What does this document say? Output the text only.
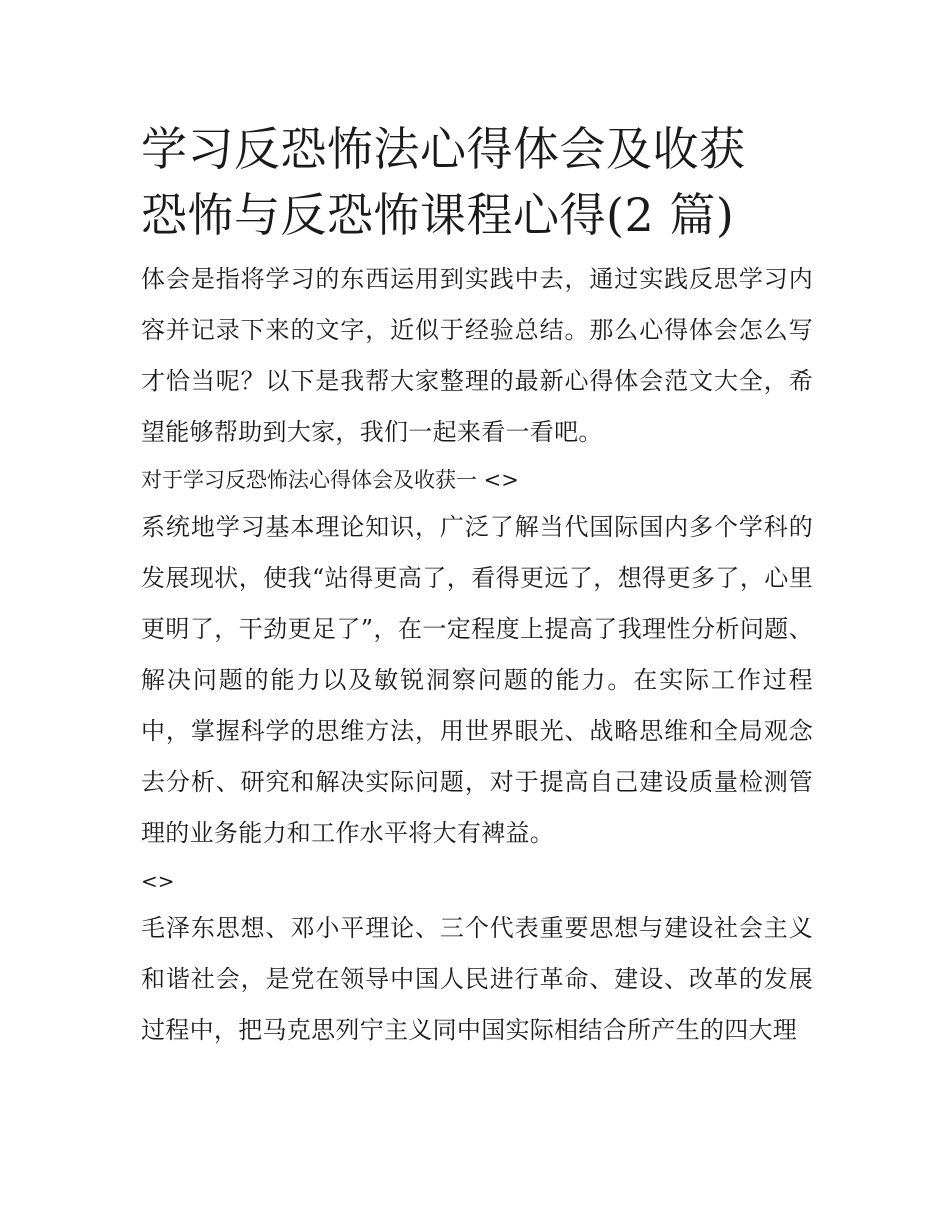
学习反恐怖法心得体会及收获
恐怖与反恐怖课程心得(2 篇)

体会是指将学习的东西运用到实践中去，通过实践反思学习内容并记录下来的文字，近似于经验总结。那么心得体会怎么写才恰当呢？以下是我帮大家整理的最新心得体会范文大全，希望能够帮助到大家，我们一起来看一看吧。

对于学习反恐怖法心得体会及收获一 <>

系统地学习基本理论知识，广泛了解当代国际国内多个学科的发展现状，使我“站得更高了，看得更远了，想得更多了，心里更明了，干劲更足了”，在一定程度上提高了我理性分析问题、解决问题的能力以及敏锐洞察问题的能力。在实际工作过程中，掌握科学的思维方法，用世界眼光、战略思维和全局观念去分析、研究和解决实际问题，对于提高自己建设质量检测管理的业务能力和工作水平将大有裨益。

<>

毛泽东思想、邓小平理论、三个代表重要思想与建设社会主义和谐社会，是党在领导中国人民进行革命、建设、改革的发展过程中，把马克思列宁主义同中国实际相结合所产生的四大理
